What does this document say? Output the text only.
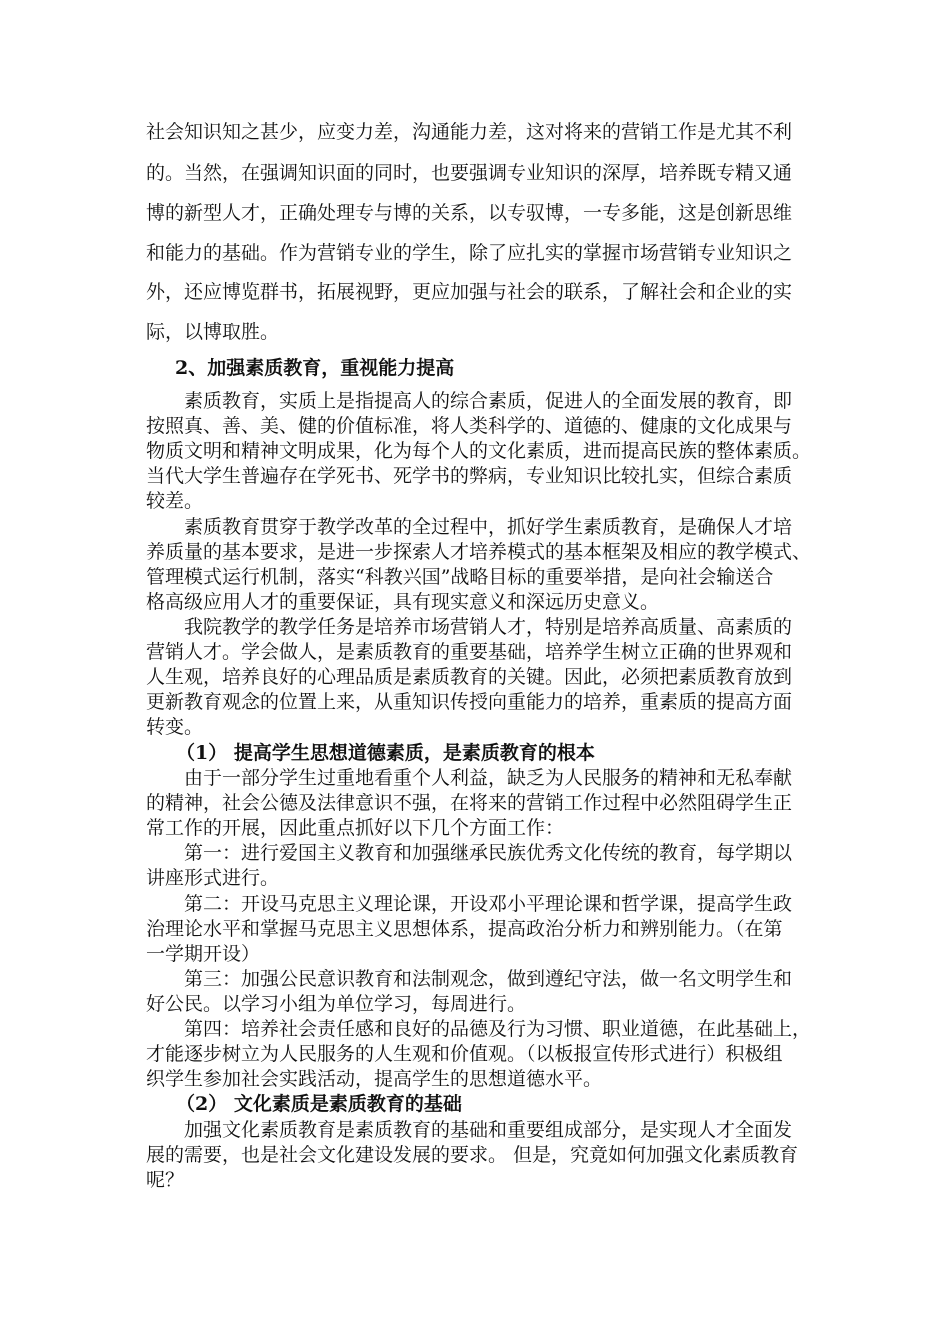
社会知识知之甚少，应变力差，沟通能力差，这对将来的营销工作是尤其不利
的。当然，在强调知识面的同时，也要强调专业知识的深厚，培养既专精又通
博的新型人才，正确处理专与博的关系，以专驭博，一专多能，这是创新思维
和能力的基础。作为营销专业的学生，除了应扎实的掌握市场营销专业知识之
外，还应博览群书，拓展视野，更应加强与社会的联系，了解社会和企业的实
际，以博取胜。
2、加强素质教育，重视能力提高
素质教育，实质上是指提高人的综合素质，促进人的全面发展的教育，即
按照真、善、美、健的价值标准，将人类科学的、道德的、健康的文化成果与
物质文明和精神文明成果，化为每个人的文化素质，进而提高民族的整体素质。
当代大学生普遍存在学死书、死学书的弊病，专业知识比较扎实，但综合素质
较差。
素质教育贯穿于教学改革的全过程中，抓好学生素质教育，是确保人才培
养质量的基本要求，是进一步探索人才培养模式的基本框架及相应的教学模式、
管理模式运行机制，落实“科教兴国”战略目标的重要举措，是向社会输送合
格高级应用人才的重要保证，具有现实意义和深远历史意义。
我院教学的教学任务是培养市场营销人才，特别是培养高质量、高素质的
营销人才。学会做人，是素质教育的重要基础，培养学生树立正确的世界观和
人生观，培养良好的心理品质是素质教育的关键。因此，必须把素质教育放到
更新教育观念的位置上来，从重知识传授向重能力的培养，重素质的提高方面
转变。
（1） 提高学生思想道德素质，是素质教育的根本
由于一部分学生过重地看重个人利益，缺乏为人民服务的精神和无私奉献
的精神，社会公德及法律意识不强，在将来的营销工作过程中必然阻碍学生正
常工作的开展，因此重点抓好以下几个方面工作：
第一：进行爱国主义教育和加强继承民族优秀文化传统的教育，每学期以
讲座形式进行。
第二：开设马克思主义理论课，开设邓小平理论课和哲学课，提高学生政
治理论水平和掌握马克思主义思想体系，提高政治分析力和辨别能力。（在第
一学期开设）
第三：加强公民意识教育和法制观念，做到遵纪守法，做一名文明学生和
好公民。以学习小组为单位学习，每周进行。
第四：培养社会责任感和良好的品德及行为习惯、职业道德，在此基础上，
才能逐步树立为人民服务的人生观和价值观。（以板报宣传形式进行）积极组
织学生参加社会实践活动，提高学生的思想道德水平。
（2） 文化素质是素质教育的基础
加强文化素质教育是素质教育的基础和重要组成部分，是实现人才全面发
展的需要，也是社会文化建设发展的要求。 但是，究竟如何加强文化素质教育
呢？
